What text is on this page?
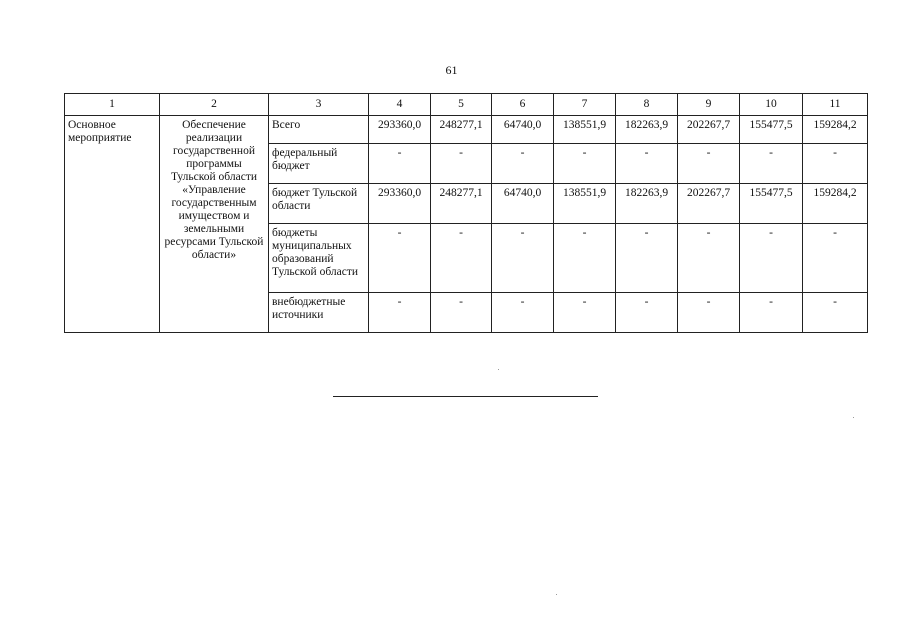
61
1	2	3	4	5	6	7	8	9	10	11
Основное мероприятие	Обеспечение реализации государственной программы Тульской области «Управление государственным имуществом и земельными ресурсами Тульской области»	Всего	293360,0	248277,1	64740,0	138551,9	182263,9	202267,7	155477,5	159284,2
		федеральный бюджет	-	-	-	-	-	-	-	-
		бюджет Тульской области	293360,0	248277,1	64740,0	138551,9	182263,9	202267,7	155477,5	159284,2
		бюджеты муниципальных образований Тульской области	-	-	-	-	-	-	-	-
		внебюджетные источники	-	-	-	-	-	-	-	-
